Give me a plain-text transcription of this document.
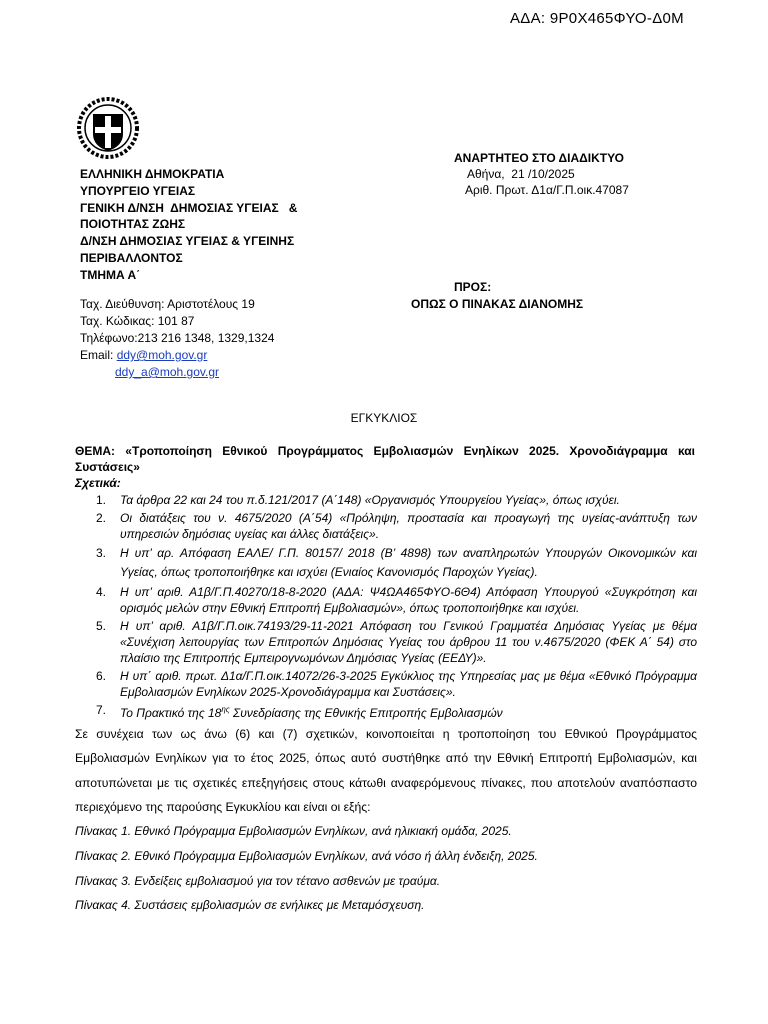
ΑΔΑ: 9Ρ0Χ465ΦΥΟ-Δ0Μ
ΕΛΛΗΝΙΚΗ ΔΗΜΟΚΡΑΤΙΑ
ΥΠΟΥΡΓΕΙΟ ΥΓΕΙΑΣ
ΓΕΝΙΚΗ Δ/ΝΣΗ  ΔΗΜΟΣΙΑΣ ΥΓΕΙΑΣ   &
ΠΟΙΟΤΗΤΑΣ ΖΩΗΣ
Δ/ΝΣΗ ΔΗΜΟΣΙΑΣ ΥΓΕΙΑΣ & ΥΓΕΙΝΗΣ
ΠΕΡΙΒΑΛΛΟΝΤΟΣ
ΤΜΗΜΑ Α΄
ΑΝΑΡΤΗΤΕΟ ΣΤΟ ΔΙΑΔΙΚΤΥΟ
Αθήνα,  21 /10/2025
Αριθ. Πρωτ. Δ1α/Γ.Π.οικ.47087
ΠΡΟΣ:
ΟΠΩΣ Ο ΠΙΝΑΚΑΣ ΔΙΑΝΟΜΗΣ
Ταχ. Διεύθυνση: Αριστοτέλους 19
Ταχ. Κώδικας: 101 87
Τηλέφωνο:213 216 1348, 1329,1324
Email: ddy@moh.gov.gr
ddy_a@moh.gov.gr
ΕΓΚΥΚΛΙΟΣ
ΘΕΜΑ: «Τροποποίηση Εθνικού Προγράμματος Εμβολιασμών Ενηλίκων 2025. Χρονοδιάγραμμα και Συστάσεις»
Σχετικά:
1. Τα άρθρα 22 και 24 του π.δ.121/2017 (Α΄148) «Οργανισμός Υπουργείου Υγείας», όπως ισχύει.
2. Οι διατάξεις του ν. 4675/2020 (Α΄54) «Πρόληψη, προστασία και προαγωγή της υγείας-ανάπτυξη των υπηρεσιών δημόσιας υγείας και άλλες διατάξεις».
3. Η υπ’ αρ. Απόφαση ΕΑΛΕ/ Γ.Π. 80157/ 2018 (Β’ 4898) των αναπληρωτών Υπουργών Οικονομικών και Υγείας, όπως τροποποιήθηκε και ισχύει (Ενιαίος Κανονισμός Παροχών Υγείας).
4. Η υπ’ αριθ. Α1β/Γ.Π.40270/18-8-2020 (ΑΔΑ: Ψ4ΩΑ465ΦΥΟ-6Θ4) Απόφαση Υπουργού «Συγκρότηση και ορισμός μελών στην Εθνική Επιτροπή Εμβολιασμών», όπως τροποποιήθηκε και ισχύει.
5. Η υπ’ αριθ. Α1β/Γ.Π.οικ.74193/29-11-2021 Απόφαση του Γενικού Γραμματέα Δημόσιας Υγείας με θέμα «Συνέχιση λειτουργίας των Επιτροπών Δημόσιας Υγείας του άρθρου 11 του ν.4675/2020 (ΦΕΚ Α΄ 54) στο πλαίσιο της Επιτροπής Εμπειρογνωμόνων Δημόσιας Υγείας (ΕΕΔΥ)».
6. Η υπ΄ αριθ. πρωτ. Δ1α/Γ.Π.οικ.14072/26-3-2025 Εγκύκλιος της Υπηρεσίας μας με θέμα «Εθνικό Πρόγραμμα Εμβολιασμών Ενηλίκων 2025-Χρονοδιάγραμμα και Συστάσεις».
7. Το Πρακτικό της $18^{\eta\varsigma}$ Συνεδρίασης της Εθνικής Επιτροπής Εμβολιασμών
Σε συνέχεια των ως άνω (6) και (7) σχετικών, κοινοποιείται η τροποποίηση του Εθνικού Προγράμματος Εμβολιασμών Ενηλίκων για το έτος 2025, όπως αυτό συστήθηκε από την Εθνική Επιτροπή Εμβολιασμών, και αποτυπώνεται με τις σχετικές επεξηγήσεις στους κάτωθι αναφερόμενους πίνακες, που αποτελούν αναπόσπαστο περιεχόμενο της παρούσης Εγκυκλίου και είναι οι εξής:
Πίνακας 1. Εθνικό Πρόγραμμα Εμβολιασμών Ενηλίκων, ανά ηλικιακή ομάδα, 2025.
Πίνακας 2. Εθνικό Πρόγραμμα Εμβολιασμών Ενηλίκων, ανά νόσο ή άλλη ένδειξη, 2025.
Πίνακας 3. Ενδείξεις εμβολιασμού για τον τέτανο ασθενών με τραύμα.
Πίνακας 4. Συστάσεις εμβολιασμών σε ενήλικες με Μεταμόσχευση.
